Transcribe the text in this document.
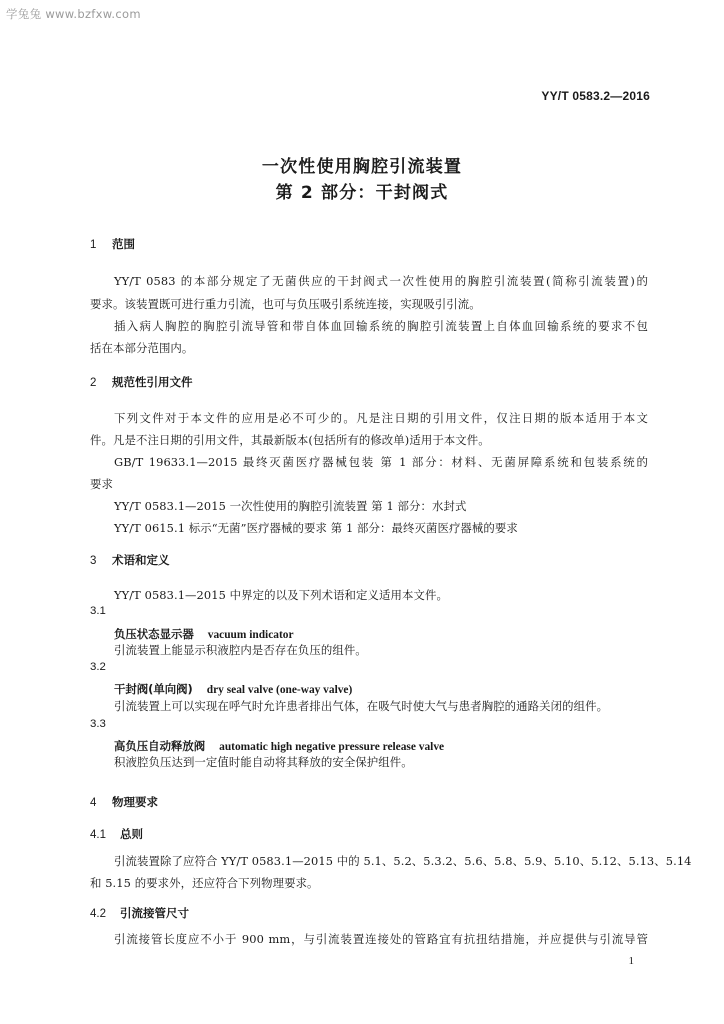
学兔兔 www.bzfxw.com
YY/T 0583.2—2016
一次性使用胸腔引流装置
第 2 部分：干封阀式
1 范围
YY/T 0583 的本部分规定了无菌供应的干封阀式一次性使用的胸腔引流装置(简称引流装置)的
要求。该装置既可进行重力引流，也可与负压吸引系统连接，实现吸引引流。
插入病人胸腔的胸腔引流导管和带自体血回输系统的胸腔引流装置上自体血回输系统的要求不包
括在本部分范围内。
2 规范性引用文件
下列文件对于本文件的应用是必不可少的。凡是注日期的引用文件，仅注日期的版本适用于本文
件。凡是不注日期的引用文件，其最新版本(包括所有的修改单)适用于本文件。
GB/T 19633.1—2015 最终灭菌医疗器械包装 第 1 部分：材料、无菌屏障系统和包装系统的
要求
YY/T 0583.1—2015 一次性使用的胸腔引流装置 第 1 部分：水封式
YY/T 0615.1 标示“无菌”医疗器械的要求 第 1 部分：最终灭菌医疗器械的要求
3 术语和定义
YY/T 0583.1—2015 中界定的以及下列术语和定义适用本文件。
3.1
负压状态显示器 vacuum indicator
引流装置上能显示积液腔内是否存在负压的组件。
3.2
干封阀(单向阀) dry seal valve (one-way valve)
引流装置上可以实现在呼气时允许患者排出气体，在吸气时使大气与患者胸腔的通路关闭的组件。
3.3
高负压自动释放阀 automatic high negative pressure release valve
积液腔负压达到一定值时能自动将其释放的安全保护组件。
4 物理要求
4.1 总则
引流装置除了应符合 YY/T 0583.1—2015 中的 5.1、5.2、5.3.2、5.6、5.8、5.9、5.10、5.12、5.13、5.14
和 5.15 的要求外，还应符合下列物理要求。
4.2 引流接管尺寸
引流接管长度应不小于 900 mm，与引流装置连接处的管路宜有抗扭结措施，并应提供与引流导管
1
